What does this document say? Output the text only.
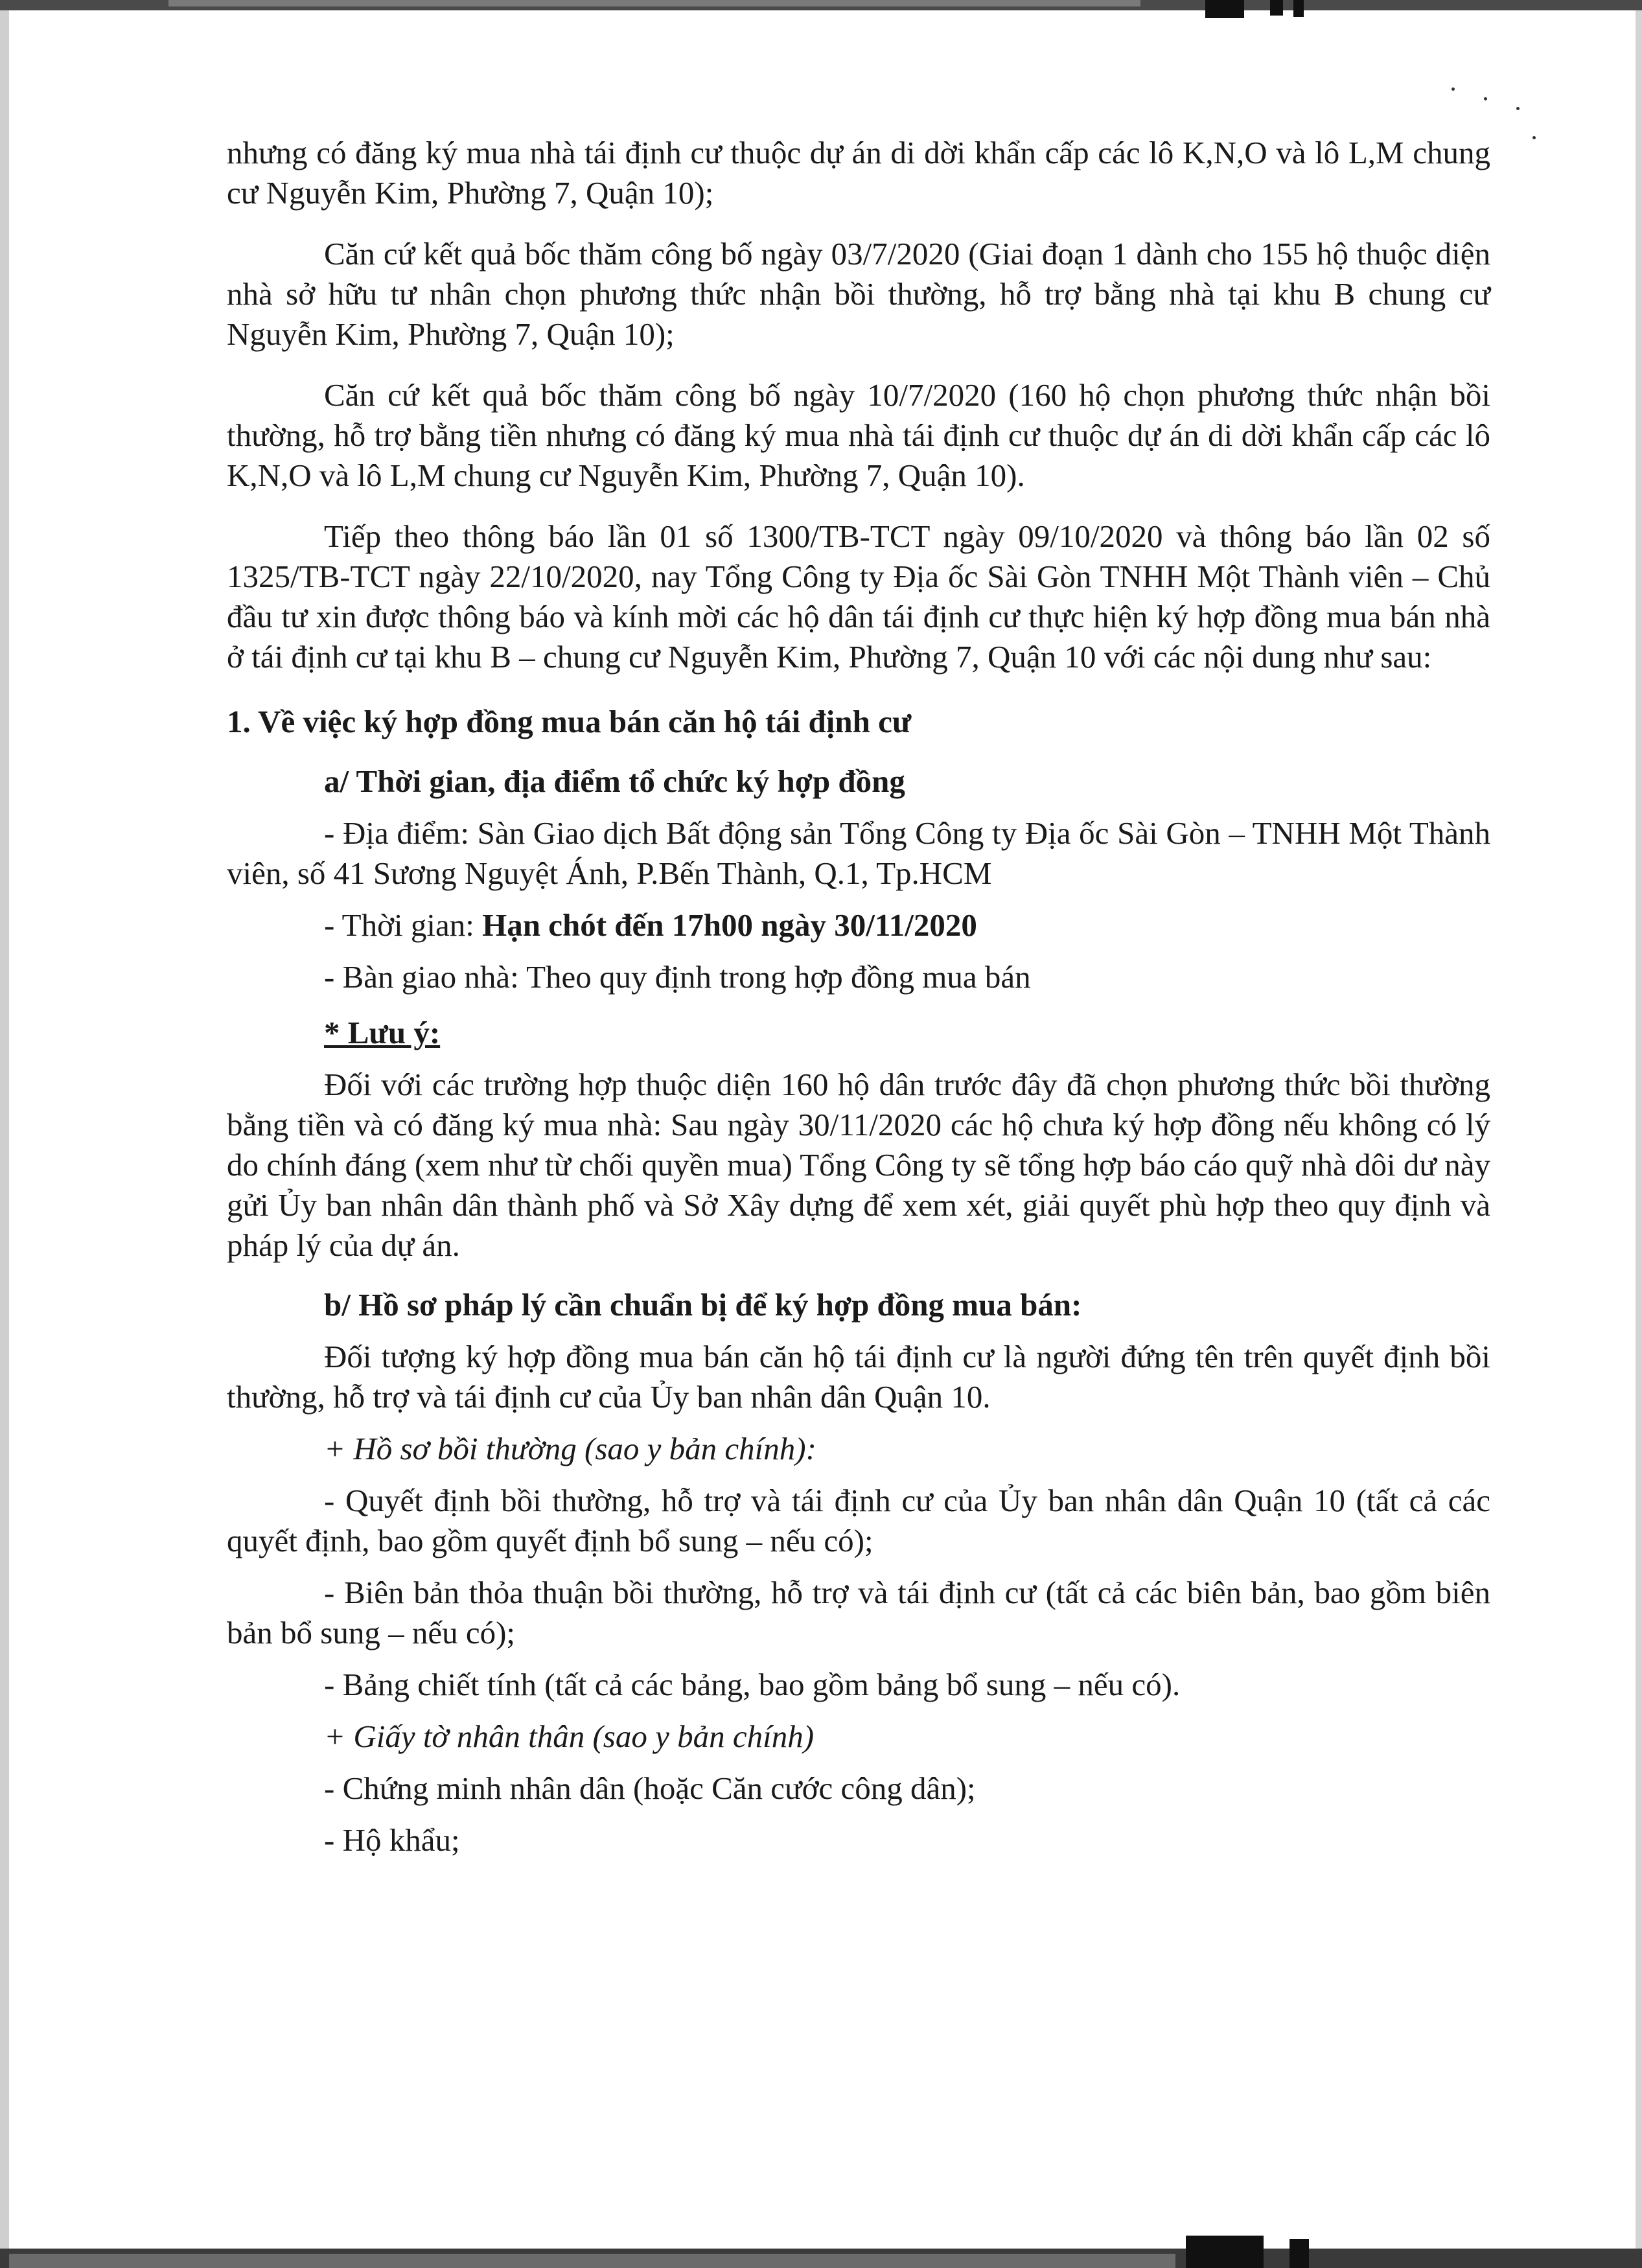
nhưng có đăng ký mua nhà tái định cư thuộc dự án di dời khẩn cấp các lô K,N,O và lô L,M chung cư Nguyễn Kim, Phường 7, Quận 10);

Căn cứ kết quả bốc thăm công bố ngày 03/7/2020 (Giai đoạn 1 dành cho 155 hộ thuộc diện nhà sở hữu tư nhân chọn phương thức nhận bồi thường, hỗ trợ bằng nhà tại khu B chung cư Nguyễn Kim, Phường 7, Quận 10);

Căn cứ kết quả bốc thăm công bố ngày 10/7/2020 (160 hộ chọn phương thức nhận bồi thường, hỗ trợ bằng tiền nhưng có đăng ký mua nhà tái định cư thuộc dự án di dời khẩn cấp các lô K,N,O và lô L,M chung cư Nguyễn Kim, Phường 7, Quận 10).

Tiếp theo thông báo lần 01 số 1300/TB-TCT ngày 09/10/2020 và thông báo lần 02 số 1325/TB-TCT ngày 22/10/2020, nay Tổng Công ty Địa ốc Sài Gòn TNHH Một Thành viên – Chủ đầu tư xin được thông báo và kính mời các hộ dân tái định cư thực hiện ký hợp đồng mua bán nhà ở tái định cư tại khu B – chung cư Nguyễn Kim, Phường 7, Quận 10 với các nội dung như sau:

1. Về việc ký hợp đồng mua bán căn hộ tái định cư

a/ Thời gian, địa điểm tổ chức ký hợp đồng

- Địa điểm: Sàn Giao dịch Bất động sản Tổng Công ty Địa ốc Sài Gòn – TNHH Một Thành viên, số 41 Sương Nguyệt Ánh, P.Bến Thành, Q.1, Tp.HCM

- Thời gian: Hạn chót đến 17h00 ngày 30/11/2020

- Bàn giao nhà: Theo quy định trong hợp đồng mua bán

* Lưu ý:

Đối với các trường hợp thuộc diện 160 hộ dân trước đây đã chọn phương thức bồi thường bằng tiền và có đăng ký mua nhà: Sau ngày 30/11/2020 các hộ chưa ký hợp đồng nếu không có lý do chính đáng (xem như từ chối quyền mua) Tổng Công ty sẽ tổng hợp báo cáo quỹ nhà dôi dư này gửi Ủy ban nhân dân thành phố và Sở Xây dựng để xem xét, giải quyết phù hợp theo quy định và pháp lý của dự án.

b/ Hồ sơ pháp lý cần chuẩn bị để ký hợp đồng mua bán:

Đối tượng ký hợp đồng mua bán căn hộ tái định cư là người đứng tên trên quyết định bồi thường, hỗ trợ và tái định cư của Ủy ban nhân dân Quận 10.

+ Hồ sơ bồi thường (sao y bản chính):

- Quyết định bồi thường, hỗ trợ và tái định cư của Ủy ban nhân dân Quận 10 (tất cả các quyết định, bao gồm quyết định bổ sung – nếu có);

- Biên bản thỏa thuận bồi thường, hỗ trợ và tái định cư (tất cả các biên bản, bao gồm biên bản bổ sung – nếu có);

- Bảng chiết tính (tất cả các bảng, bao gồm bảng bổ sung – nếu có).

+ Giấy tờ nhân thân (sao y bản chính)

- Chứng minh nhân dân (hoặc Căn cước công dân);

- Hộ khẩu;
